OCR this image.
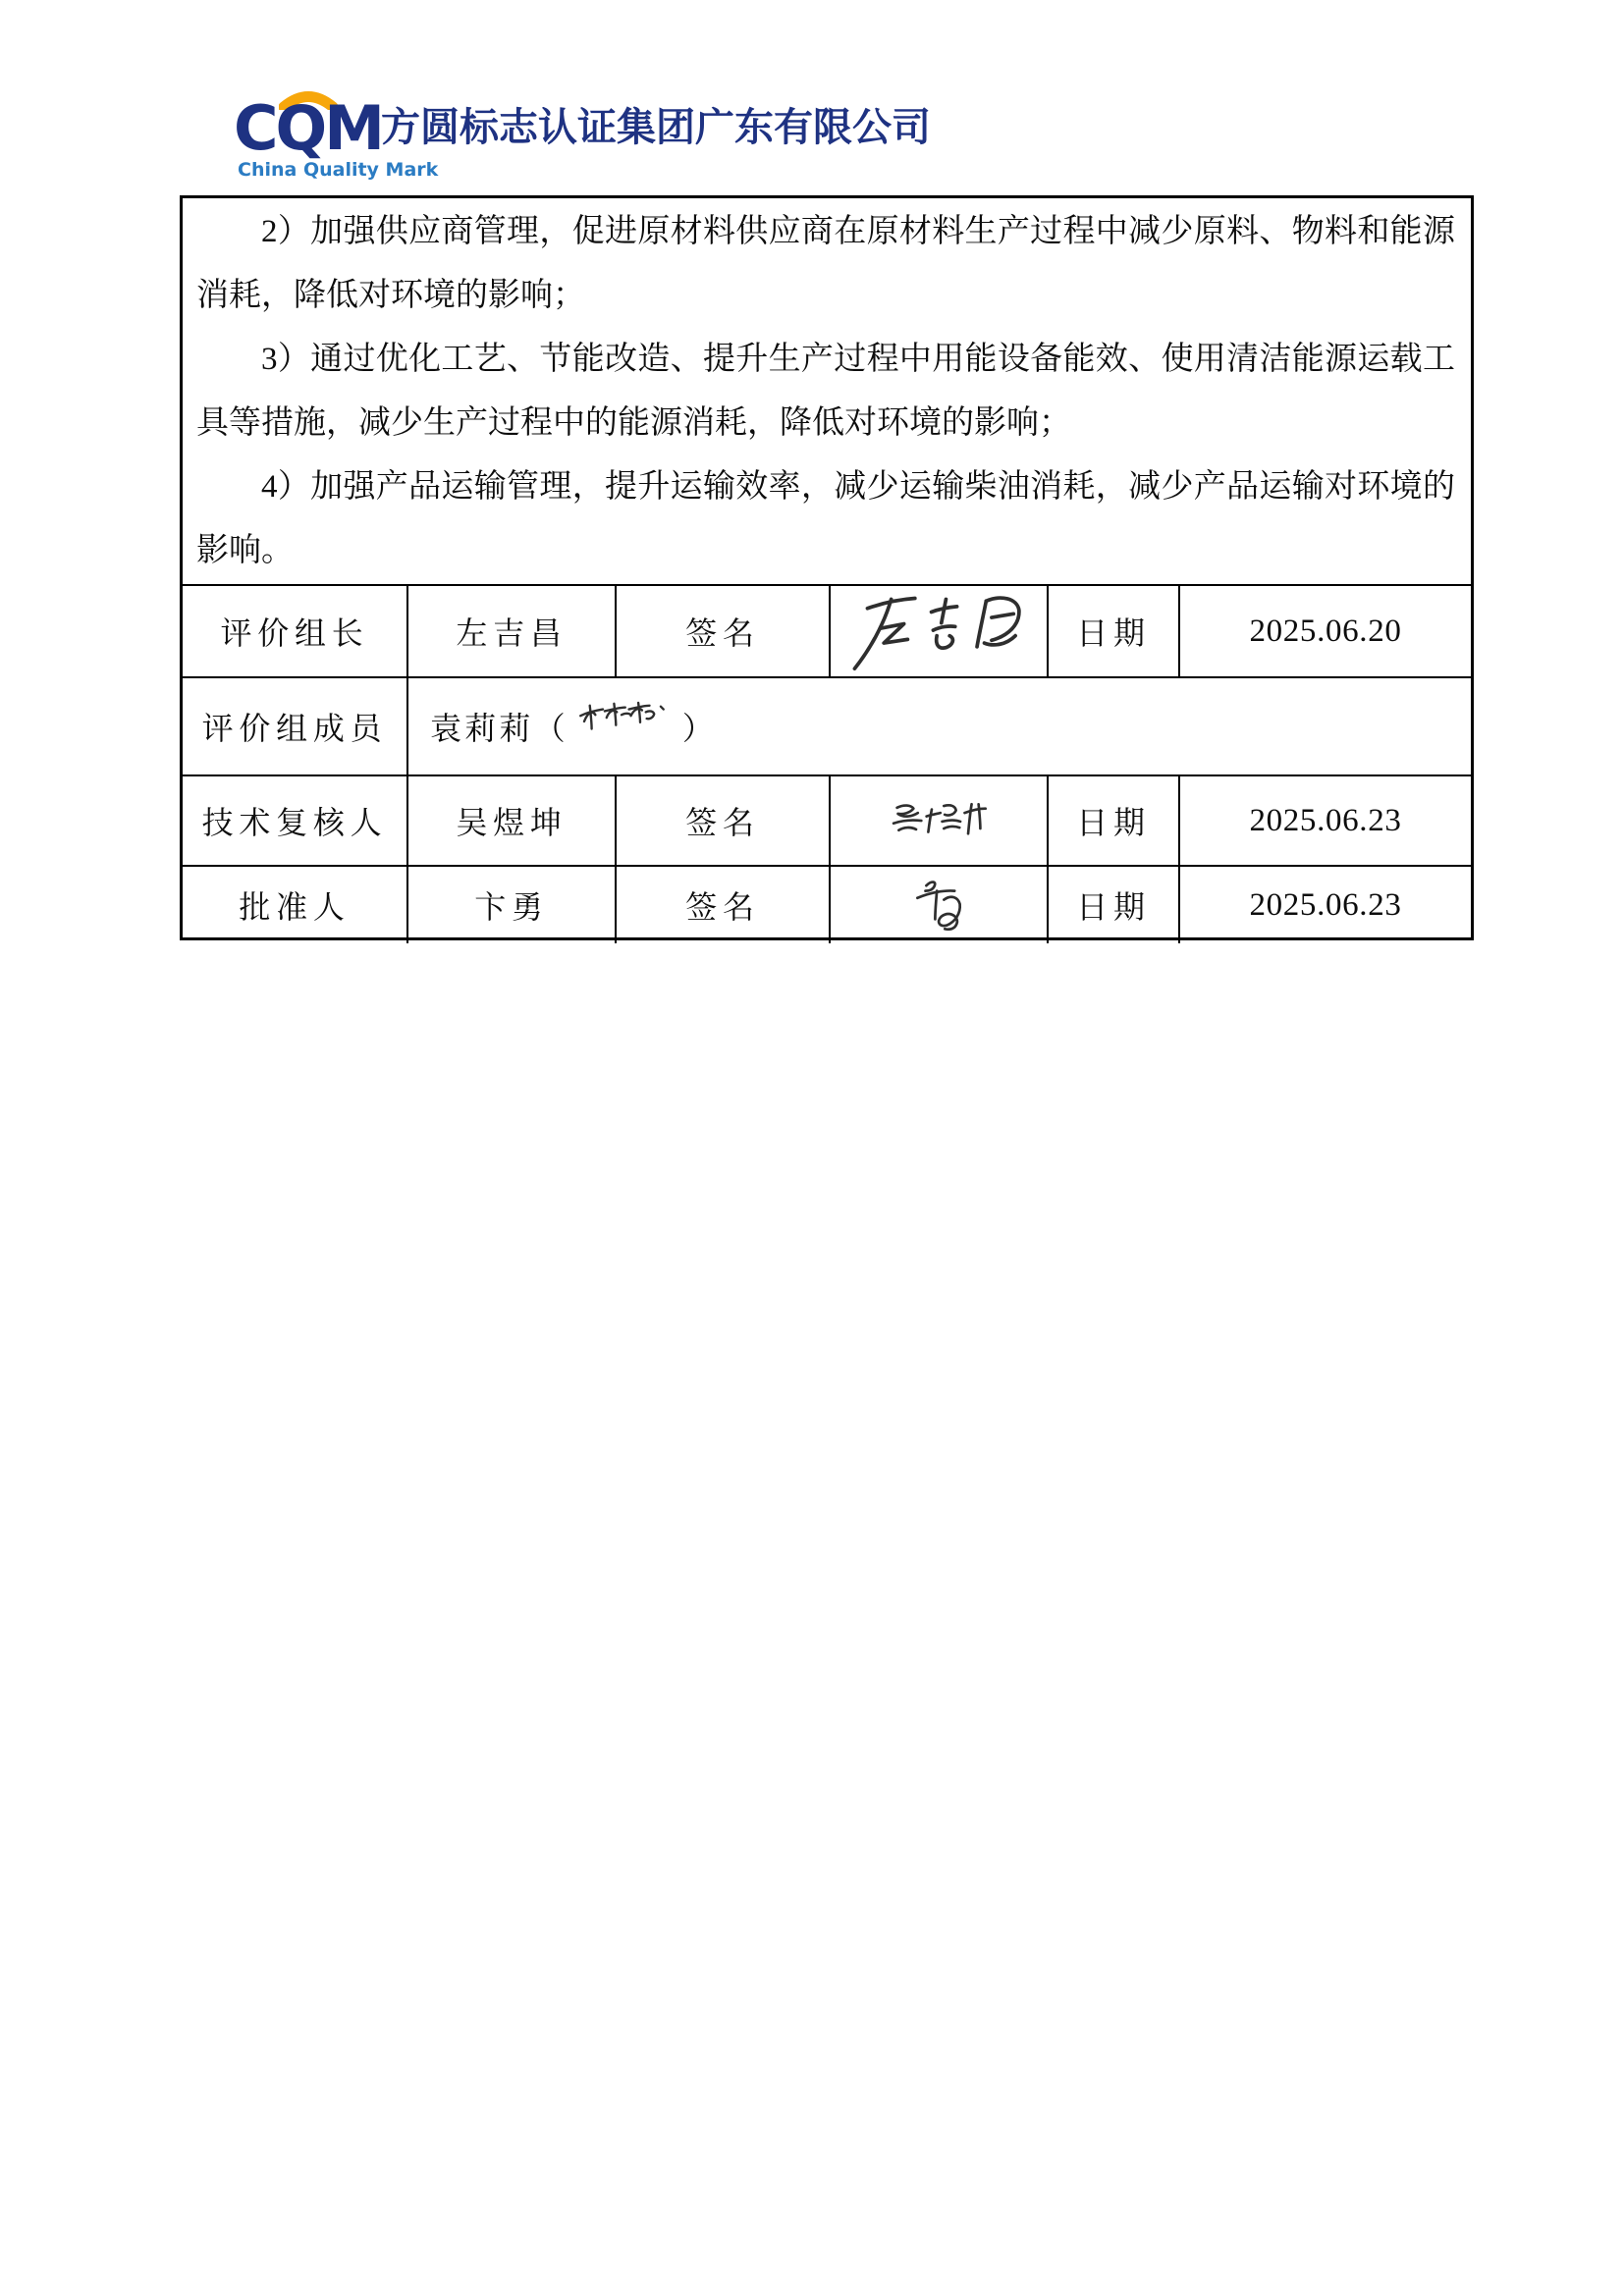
CQM
China Quality Mark
方圆标志认证集团广东有限公司

2）加强供应商管理，促进原材料供应商在原材料生产过程中减少原料、物料和能源消耗，降低对环境的影响；

3）通过优化工艺、节能改造、提升生产过程中用能设备能效、使用清洁能源运载工具等措施，减少生产过程中的能源消耗，降低对环境的影响；

4）加强产品运输管理，提升运输效率，减少运输柴油消耗，减少产品运输对环境的影响。

评价组长	左吉昌	签名	日期	2025.06.20
评价组成员	袁莉莉（	）
技术复核人	吴煜坤	签名	日期	2025.06.23
批准人	卞勇	签名	日期	2025.06.23
